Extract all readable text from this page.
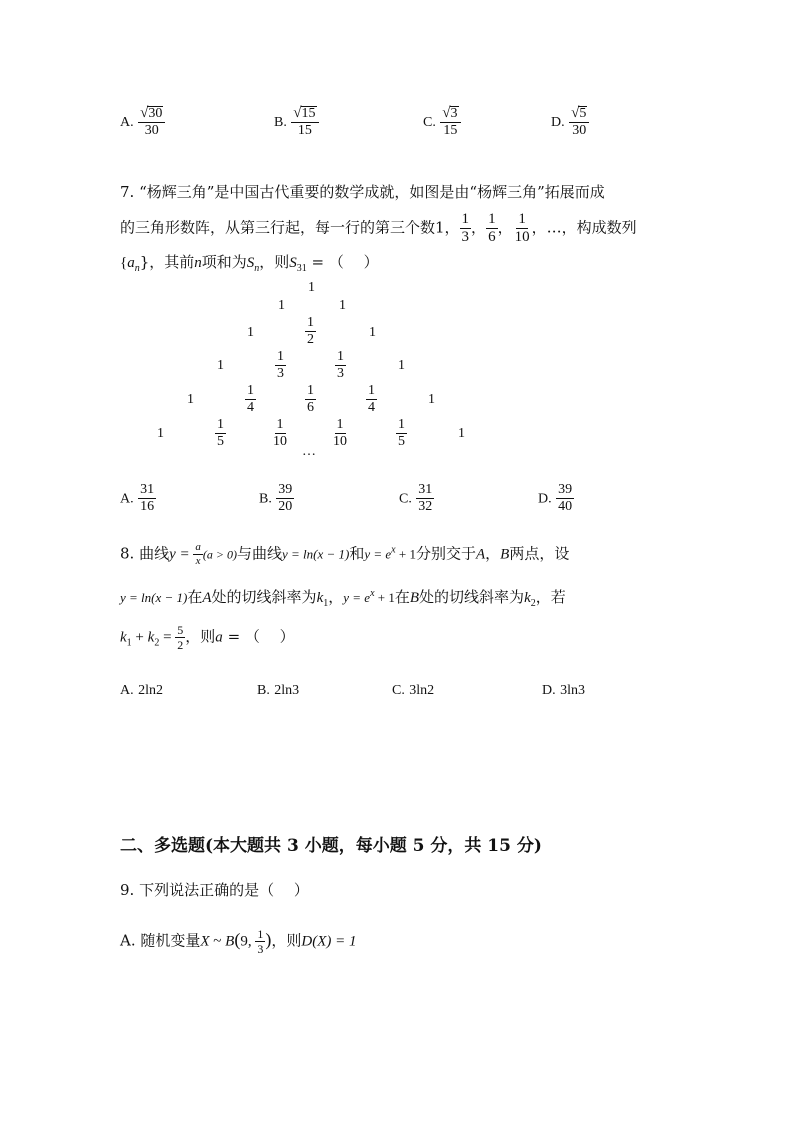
A. $\frac{√ 30}{30}$	B. $\frac{√ 15}{15}$	C. $\frac{√ 3}{15}$	D. $\frac{√ 5}{30}$
7. “杨辉三角”是中国古代重要的数学成就，如图是由“杨辉三角”拓展而成
的三角形数阵，从第三行起，每一行的第三个数1， $\frac{1}{3}$ ， $\frac{1}{6}$ ， $\frac{1}{10}$ ，…，构成数列
$\{a_n\}$，其前n项和为$S_n$，则$S_{31}$ = （　 ）
1
1	1
1	$\frac{1}{2}$	1
1	$\frac{1}{3}$	$\frac{1}{3}$	1
1	$\frac{1}{4}$	$\frac{1}{6}$	$\frac{1}{4}$	1
1	$\frac{1}{5}$	$\frac{1}{10}$	$\frac{1}{10}$	$\frac{1}{5}$	1
…
A. $\frac{31}{16}$	B. $\frac{39}{20}$	C. $\frac{31}{32}$	D. $\frac{39}{40}$
8. 曲线$y = \frac{a}{x} (a > 0)$与曲线y = ln(x − 1)和$y = e^x + 1$分别交于A，B两点，设
y = ln(x − 1)在A处的切线斜率为$k_1$，$y = e^x + 1$在B处的切线斜率为$k_2$，若
$k_1 + k_2 = \frac{5}{2}$ ，则a = （　 ）
A. 2ln2	B. 2ln3	C. 3ln2	D. 3ln3
二、多选题(本大题共 3 小题，每小题 5 分，共 15 分)
9. 下列说法正确的是（　 ）
A. 随机变量X ~ B(9, $\frac{1}{3}$ )，则D(X) = 1
